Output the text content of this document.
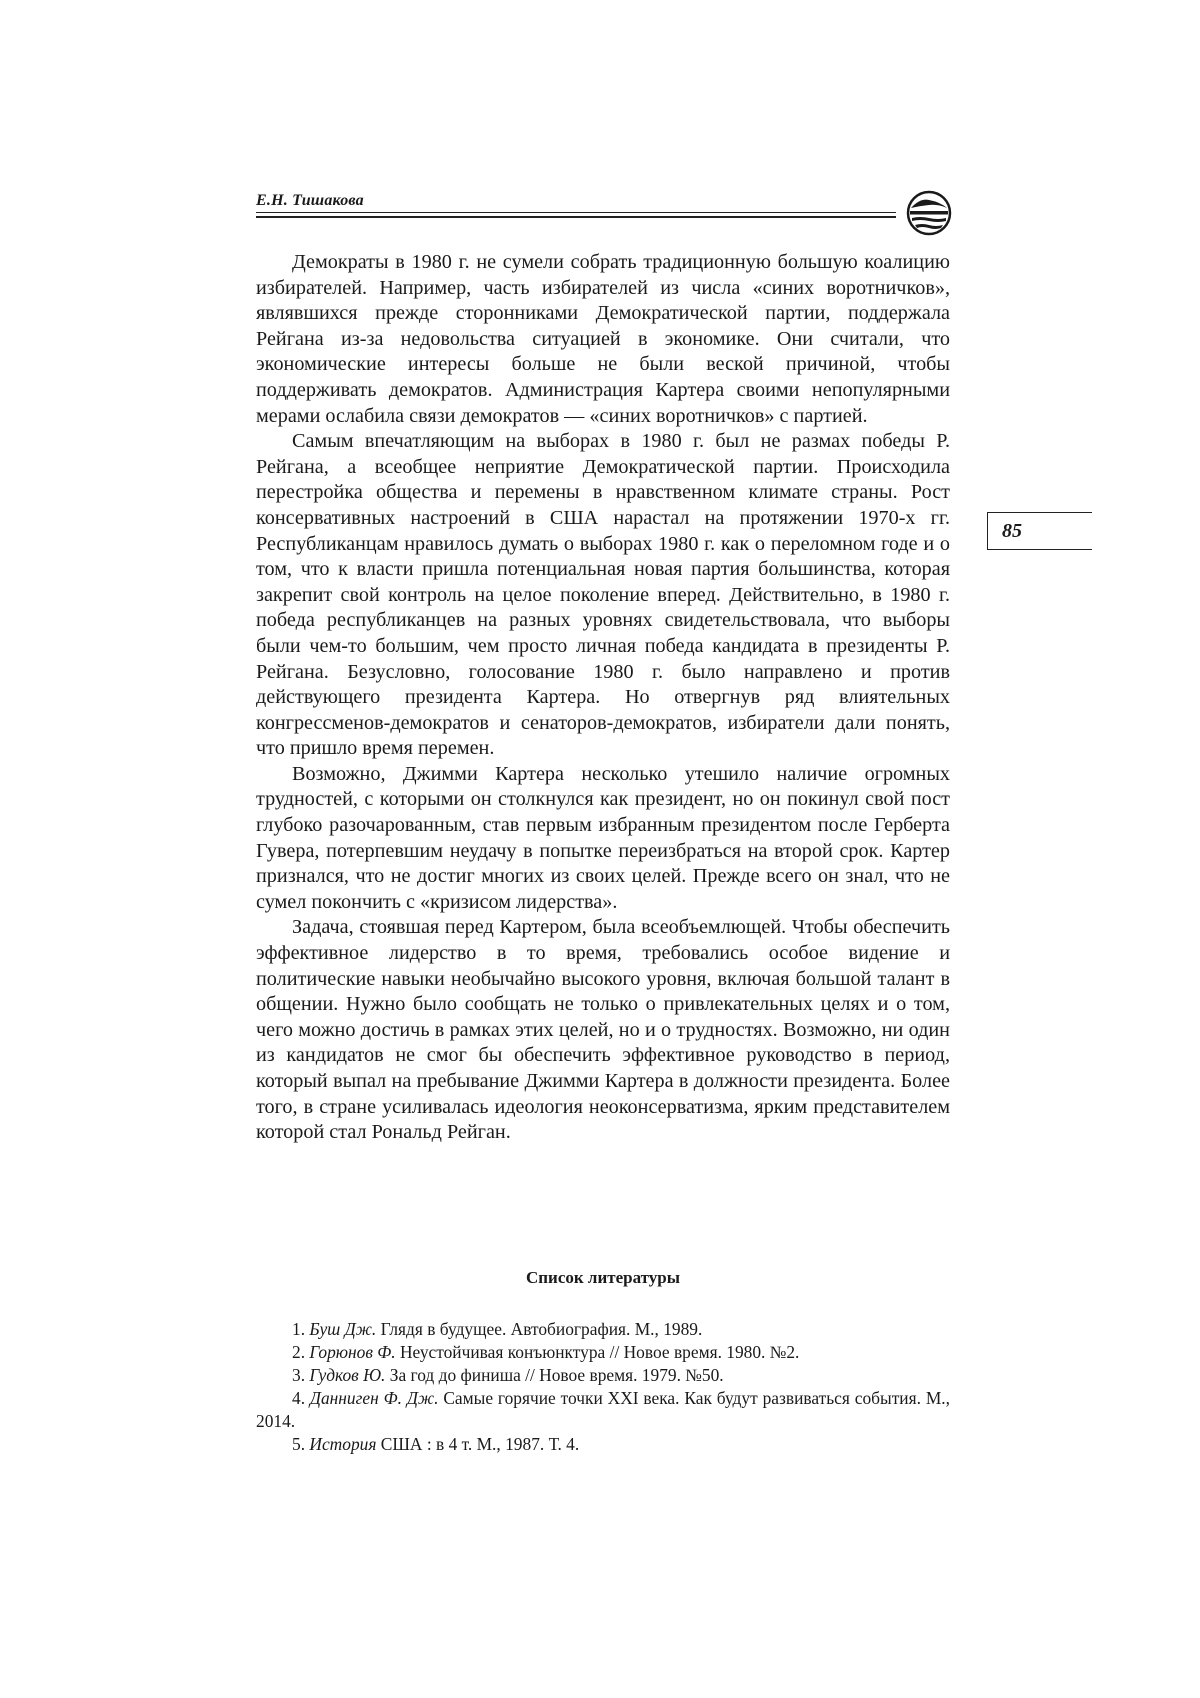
Е.Н. Тишакова
85

Демократы в 1980 г. не сумели собрать традиционную большую коалицию избирателей. Например, часть избирателей из числа «синих воротничков», являвшихся прежде сторонниками Демократической партии, поддержала Рейгана из-за недовольства ситуацией в экономике. Они считали, что экономические интересы больше не были веской причиной, чтобы поддерживать демократов. Администрация Картера своими непопулярными мерами ослабила связи демократов — «синих воротничков» с партией.

Самым впечатляющим на выборах в 1980 г. был не размах победы Р. Рейгана, а всеобщее неприятие Демократической партии. Происходила перестройка общества и перемены в нравственном климате страны. Рост консервативных настроений в США нарастал на протяжении 1970-х гг. Республиканцам нравилось думать о выборах 1980 г. как о переломном годе и о том, что к власти пришла потенциальная новая партия большинства, которая закрепит свой контроль на целое поколение вперед. Действительно, в 1980 г. победа республиканцев на разных уровнях свидетельствовала, что выборы были чем-то большим, чем просто личная победа кандидата в президенты Р. Рейгана. Безусловно, голосование 1980 г. было направлено и против действующего президента Картера. Но отвергнув ряд влиятельных конгрессменов-демократов и сенаторов-демократов, избиратели дали понять, что пришло время перемен.

Возможно, Джимми Картера несколько утешило наличие огромных трудностей, с которыми он столкнулся как президент, но он покинул свой пост глубоко разочарованным, став первым избранным президентом после Герберта Гувера, потерпевшим неудачу в попытке переизбраться на второй срок. Картер признался, что не достиг многих из своих целей. Прежде всего он знал, что не сумел покончить с «кризисом лидерства».

Задача, стоявшая перед Картером, была всеобъемлющей. Чтобы обеспечить эффективное лидерство в то время, требовались особое видение и политические навыки необычайно высокого уровня, включая большой талант в общении. Нужно было сообщать не только о привлекательных целях и о том, чего можно достичь в рамках этих целей, но и о трудностях. Возможно, ни один из кандидатов не смог бы обеспечить эффективное руководство в период, который выпал на пребывание Джимми Картера в должности президента. Более того, в стране усиливалась идеология неоконсерватизма, ярким представителем которой стал Рональд Рейган.

Список литературы

1. Буш Дж. Глядя в будущее. Автобиография. М., 1989.

2. Горюнов Ф. Неустойчивая конъюнктура // Новое время. 1980. №2.

3. Гудков Ю. За год до финиша // Новое время. 1979. №50.

4. Данниген Ф. Дж. Самые горячие точки XXI века. Как будут развиваться события. М., 2014.

5. История США : в 4 т. М., 1987. Т. 4.
